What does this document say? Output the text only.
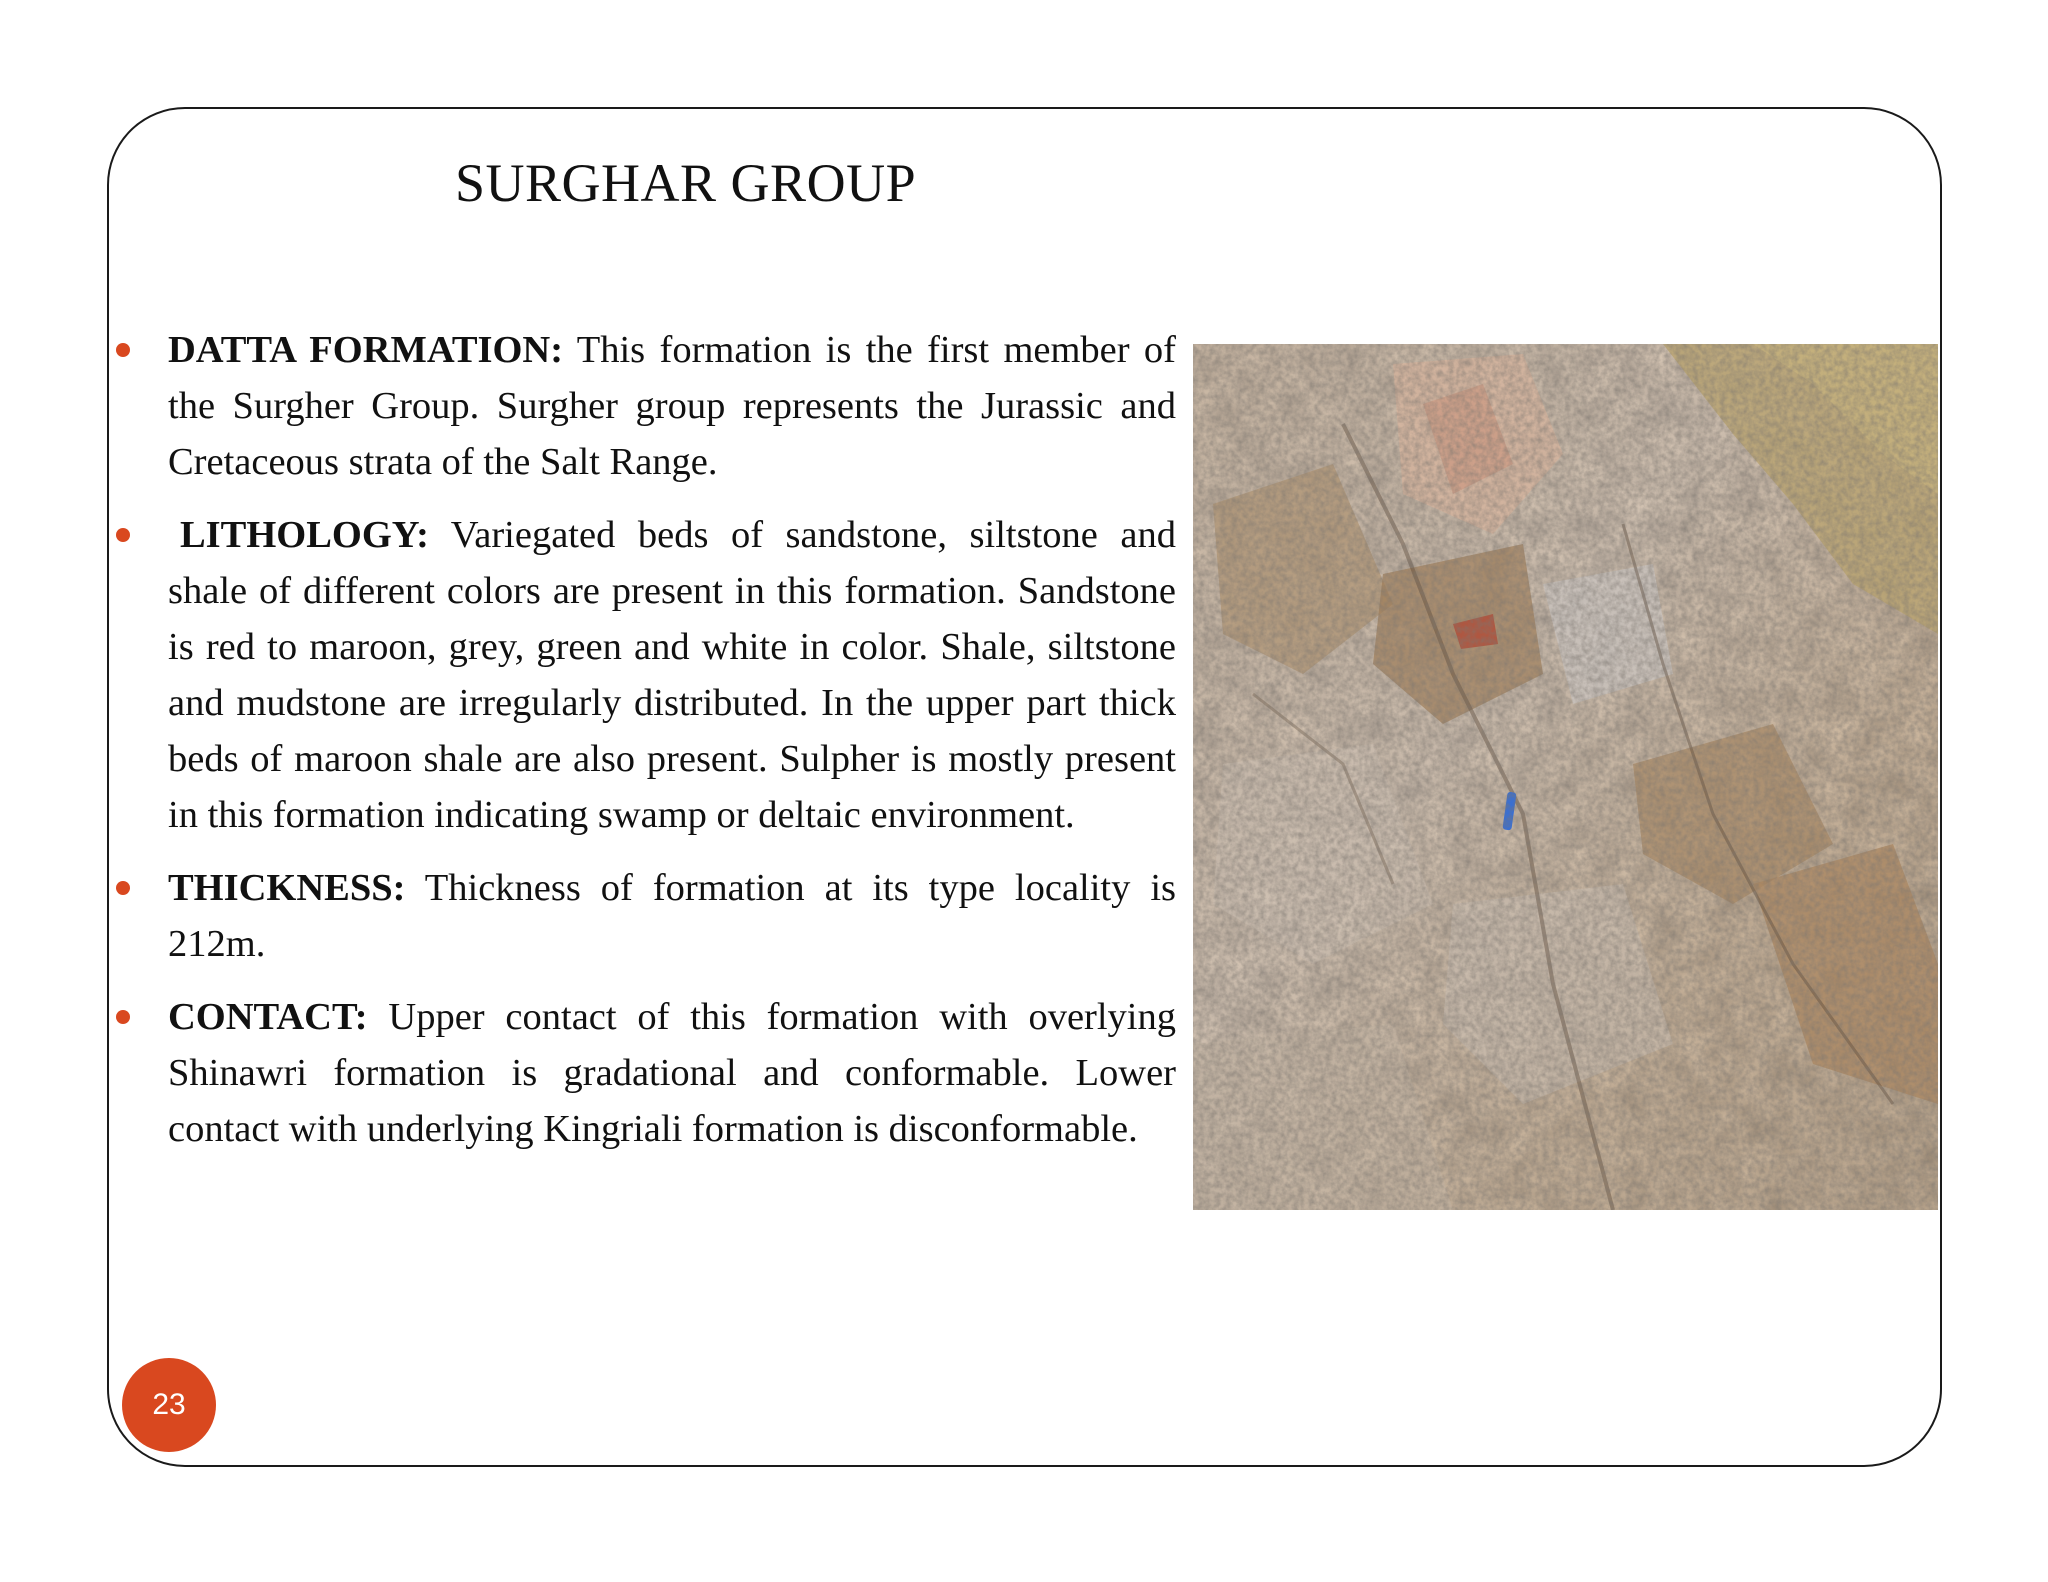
SURGHAR GROUP
DATTA FORMATION: This formation is the first member of the Surgher Group. Surgher group represents the Jurassic and Cretaceous strata of the Salt Range.
LITHOLOGY: Variegated beds of sandstone, siltstone and shale of different colors are present in this formation. Sandstone is red to maroon, grey, green and white in color. Shale, siltstone and mudstone are irregularly distributed. In the upper part thick beds of maroon shale are also present. Sulpher is mostly present in this formation indicating swamp or deltaic environment.
THICKNESS: Thickness of formation at its type locality is 212m.
CONTACT: Upper contact of this formation with overlying Shinawri formation is gradational and conformable. Lower contact with underlying Kingriali formation is disconformable.
23
